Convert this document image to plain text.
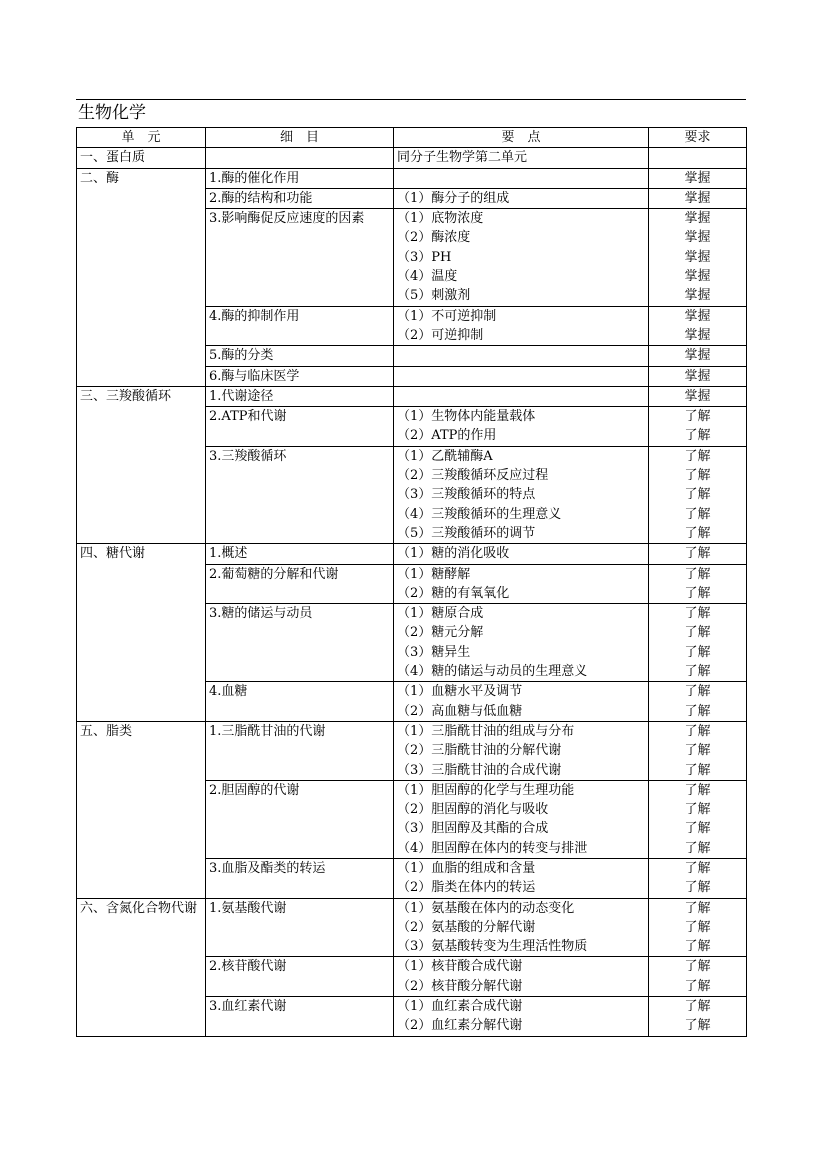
生物化学
单　元	细　目	要　点	要求
一、蛋白质		同分子生物学第二单元	
二、酶	1.酶的催化作用		掌握
	2.酶的结构和功能	（1）酶分子的组成	掌握
	3.影响酶促反应速度的因素	（1）底物浓度	掌握
		（2）酶浓度	掌握
		（3）PH	掌握
		（4）温度	掌握
		（5）刺激剂	掌握
	4.酶的抑制作用	（1）不可逆抑制	掌握
		（2）可逆抑制	掌握
	5.酶的分类		掌握
	6.酶与临床医学		掌握
三、三羧酸循环	1.代谢途径		掌握
	2.ATP和代谢	（1）生物体内能量载体	了解
		（2）ATP的作用	了解
	3.三羧酸循环	（1）乙酰辅酶A	了解
		（2）三羧酸循环反应过程	了解
		（3）三羧酸循环的特点	了解
		（4）三羧酸循环的生理意义	了解
		（5）三羧酸循环的调节	了解
四、糖代谢	1.概述	（1）糖的消化吸收	了解
	2.葡萄糖的分解和代谢	（1）糖酵解	了解
		（2）糖的有氧氧化	了解
	3.糖的储运与动员	（1）糖原合成	了解
		（2）糖元分解	了解
		（3）糖异生	了解
		（4）糖的储运与动员的生理意义	了解
	4.血糖	（1）血糖水平及调节	了解
		（2）高血糖与低血糖	了解
五、脂类	1.三脂酰甘油的代谢	（1）三脂酰甘油的组成与分布	了解
		（2）三脂酰甘油的分解代谢	了解
		（3）三脂酰甘油的合成代谢	了解
	2.胆固醇的代谢	（1）胆固醇的化学与生理功能	了解
		（2）胆固醇的消化与吸收	了解
		（3）胆固醇及其酯的合成	了解
		（4）胆固醇在体内的转变与排泄	了解
	3.血脂及酯类的转运	（1）血脂的组成和含量	了解
		（2）脂类在体内的转运	了解
六、含氮化合物代谢	1.氨基酸代谢	（1）氨基酸在体内的动态变化	了解
		（2）氨基酸的分解代谢	了解
		（3）氨基酸转变为生理活性物质	了解
	2.核苷酸代谢	（1）核苷酸合成代谢	了解
		（2）核苷酸分解代谢	了解
	3.血红素代谢	（1）血红素合成代谢	了解
		（2）血红素分解代谢	了解
